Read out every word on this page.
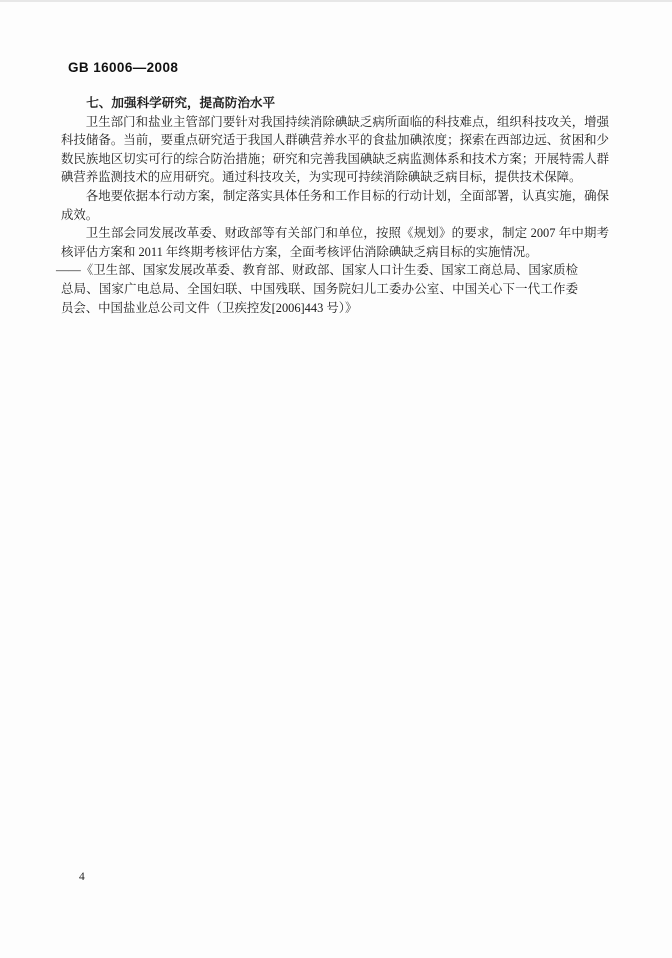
GB 16006—2008

七、加强科学研究，提高防治水平

卫生部门和盐业主管部门要针对我国持续消除碘缺乏病所面临的科技难点，组织科技攻关，增强科技储备。当前，要重点研究适于我国人群碘营养水平的食盐加碘浓度；探索在西部边远、贫困和少数民族地区切实可行的综合防治措施；研究和完善我国碘缺乏病监测体系和技术方案；开展特需人群碘营养监测技术的应用研究。通过科技攻关，为实现可持续消除碘缺乏病目标，提供技术保障。

各地要依据本行动方案，制定落实具体任务和工作目标的行动计划，全面部署，认真实施，确保成效。

卫生部会同发展改革委、财政部等有关部门和单位，按照《规划》的要求，制定 2007 年中期考核评估方案和 2011 年终期考核评估方案，全面考核评估消除碘缺乏病目标的实施情况。

——《卫生部、国家发展改革委、教育部、财政部、国家人口计生委、国家工商总局、国家质检总局、国家广电总局、全国妇联、中国残联、国务院妇儿工委办公室、中国关心下一代工作委员会、中国盐业总公司文件（卫疾控发[2006]443 号）》

4
